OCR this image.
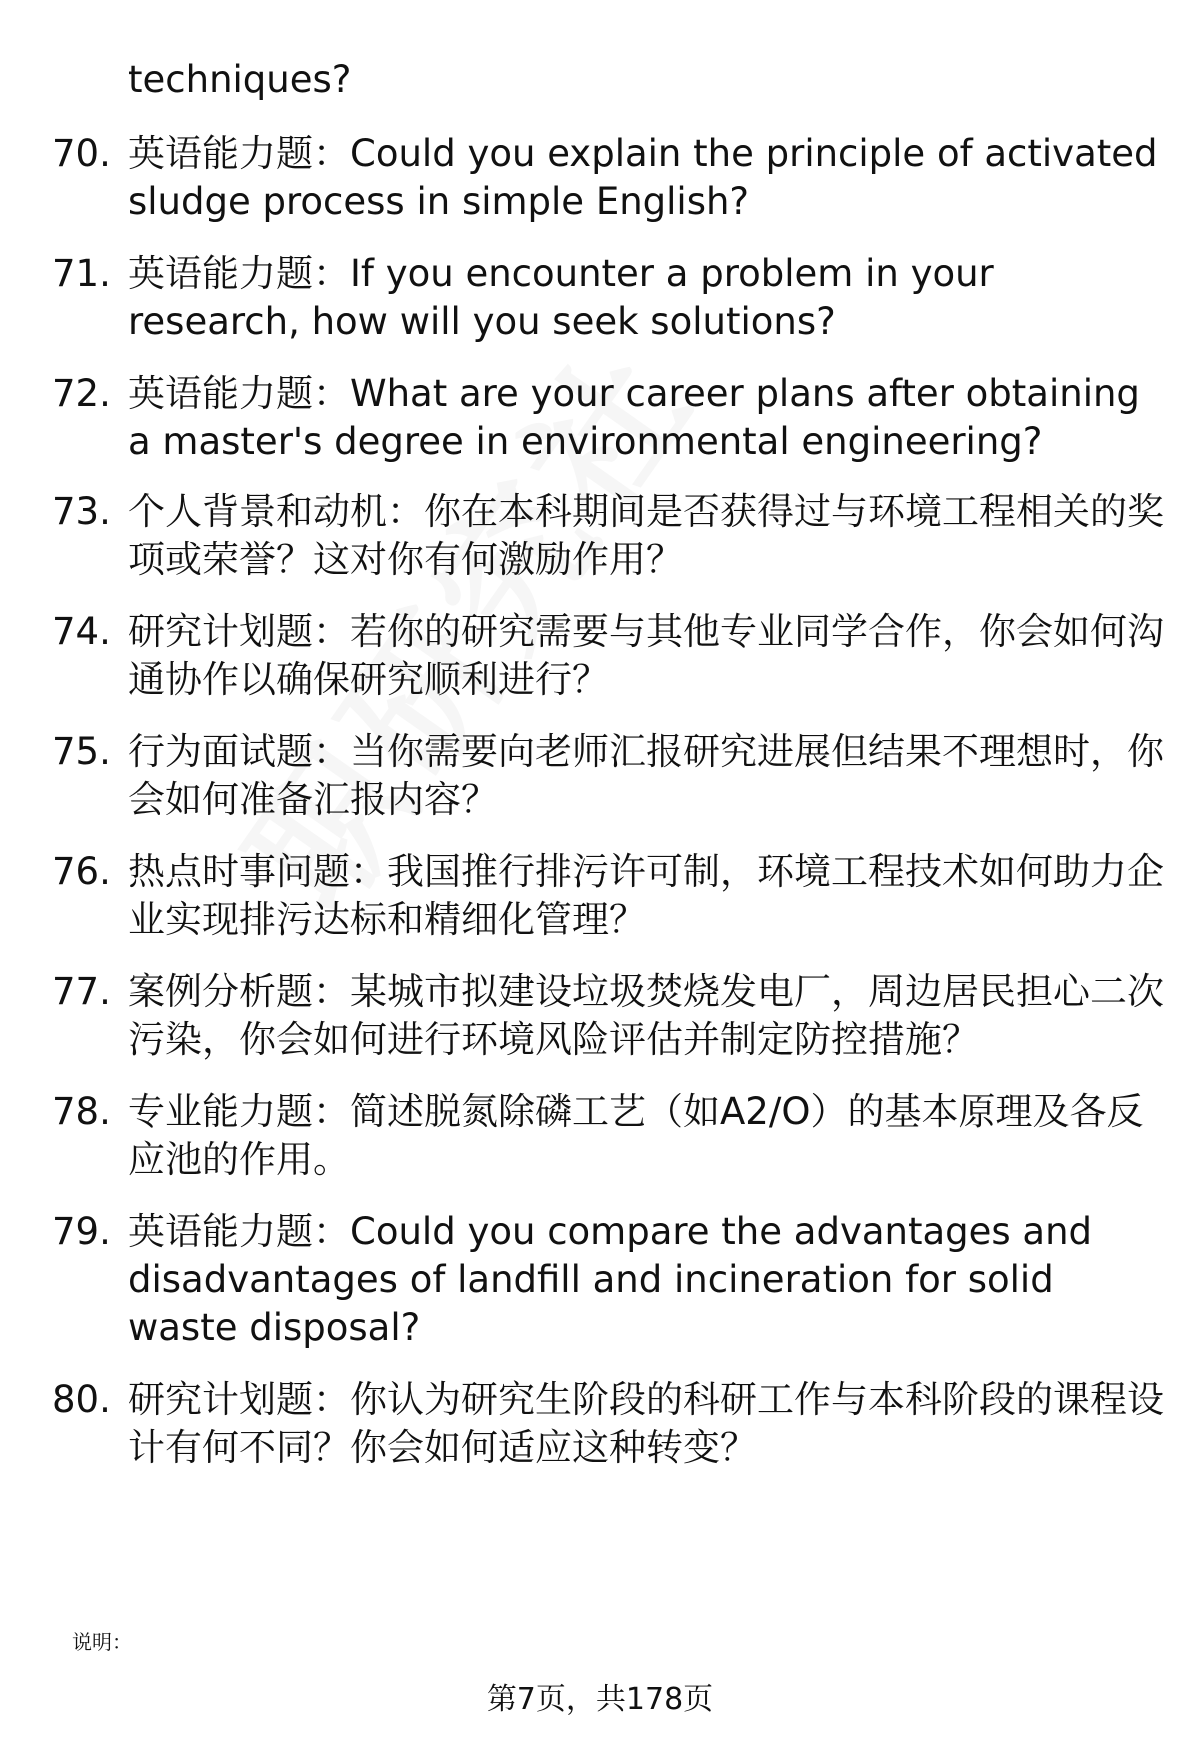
techniques?

70. 英语能力题：Could you explain the principle of activated sludge process in simple English?

71. 英语能力题：If you encounter a problem in your research, how will you seek solutions?

72. 英语能力题：What are your career plans after obtaining a master's degree in environmental engineering?

73. 个人背景和动机：你在本科期间是否获得过与环境工程相关的奖项或荣誉？这对你有何激励作用？

74. 研究计划题：若你的研究需要与其他专业同学合作，你会如何沟通协作以确保研究顺利进行？

75. 行为面试题：当你需要向老师汇报研究进展但结果不理想时，你会如何准备汇报内容？

76. 热点时事问题：我国推行排污许可制，环境工程技术如何助力企业实现排污达标和精细化管理？

77. 案例分析题：某城市拟建设垃圾焚烧发电厂，周边居民担心二次污染，你会如何进行环境风险评估并制定防控措施？

78. 专业能力题：简述脱氮除磷工艺（如A2/O）的基本原理及各反应池的作用。

79. 英语能力题：Could you compare the advantages and disadvantages of landfill and incineration for solid waste disposal?

80. 研究计划题：你认为研究生阶段的科研工作与本科阶段的课程设计有何不同？你会如何适应这种转变？

说明：
第7页，共178页
